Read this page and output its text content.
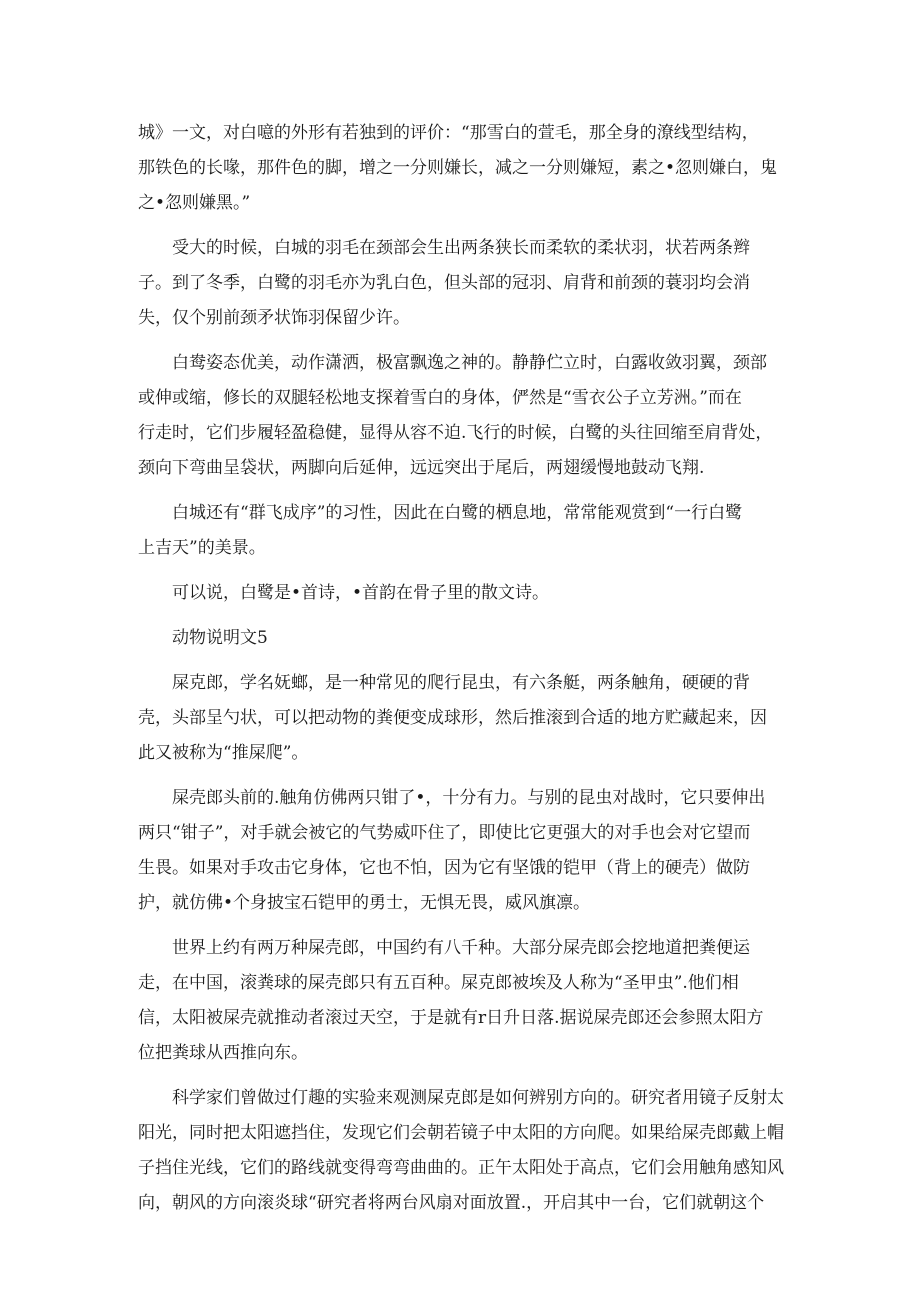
城》一文，对白噫的外形有若独到的评价：“那雪白的萱毛，那全身的潦线型结构，
那铁色的长喙，那件色的脚，增之一分则嫌长，减之一分则嫌短，素之•忽则嫌白，鬼
之•忽则嫌黑。”
受大的时候，白城的羽毛在颈部会生出两条狭长而柔软的柔状羽，状若两条辫
子。到了冬季，白鹭的羽毛亦为乳白色，但头部的冠羽、肩背和前颈的蓑羽均会消
失，仅个别前颈矛状饰羽保留少许。
白鸯姿态优美，动作潇洒，极富飘逸之神的。静静伫立时，白露收敛羽翼，颈部
或伸或缩，修长的双腿轻松地支探着雪白的身体，俨然是“雪衣公子立芳洲。”而在
行走时，它们步履轻盈稳健，显得从容不迫.飞行的时候，白鹭的头往回缩至肩背处，
颈向下弯曲呈袋状，两脚向后延伸，远远突出于尾后，两翅缓慢地鼓动飞翔.
白城还有“群飞成序”的习性，因此在白鹭的栖息地，常常能观赏到“一行白鹭
上吉天”的美景。
可以说，白鹭是•首诗，•首韵在骨子里的散文诗。
动物说明文5
屎克郎，学名妩螂，是一种常见的爬行昆虫，有六条艇，两条触角，硬硬的背
壳，头部呈勺状，可以把动物的粪便变成球形，然后推滚到合适的地方贮藏起来，因
此又被称为“推屎爬”。
屎壳郎头前的.触角仿佛两只钳了•，十分有力。与别的昆虫对战时，它只要伸出
两只“钳子”，对手就会被它的气势威吓住了，即使比它更强大的对手也会对它望而
生畏。如果对手攻击它身体，它也不怕，因为它有坚饿的铠甲（背上的硬壳）做防
护，就仿佛•个身披宝石铠甲的勇士，无惧无畏，威风旗凛。
世界上约有两万种屎壳郎，中国约有八千种。大部分屎壳郎会挖地道把粪便运
走，在中国，滚粪球的屎壳郎只有五百种。屎克郎被埃及人称为“圣甲虫”.他们相
信，太阳被屎壳就推动者滚过天空，于是就有r日升日落.据说屎壳郎还会参照太阳方
位把粪球从西推向东。
科学家们曾做过仃趣的实验来观测屎克郎是如何辨别方向的。研究者用镜子反射太
阳光，同时把太阳遮挡住，发现它们会朝若镜子中太阳的方向爬。如果给屎壳郎戴上帽
子挡住光线，它们的路线就变得弯弯曲曲的。正午太阳处于高点，它们会用触角感知风
向，朝风的方向滚炎球“研究者将两台风扇对面放置.，开启其中一台，它们就朝这个
